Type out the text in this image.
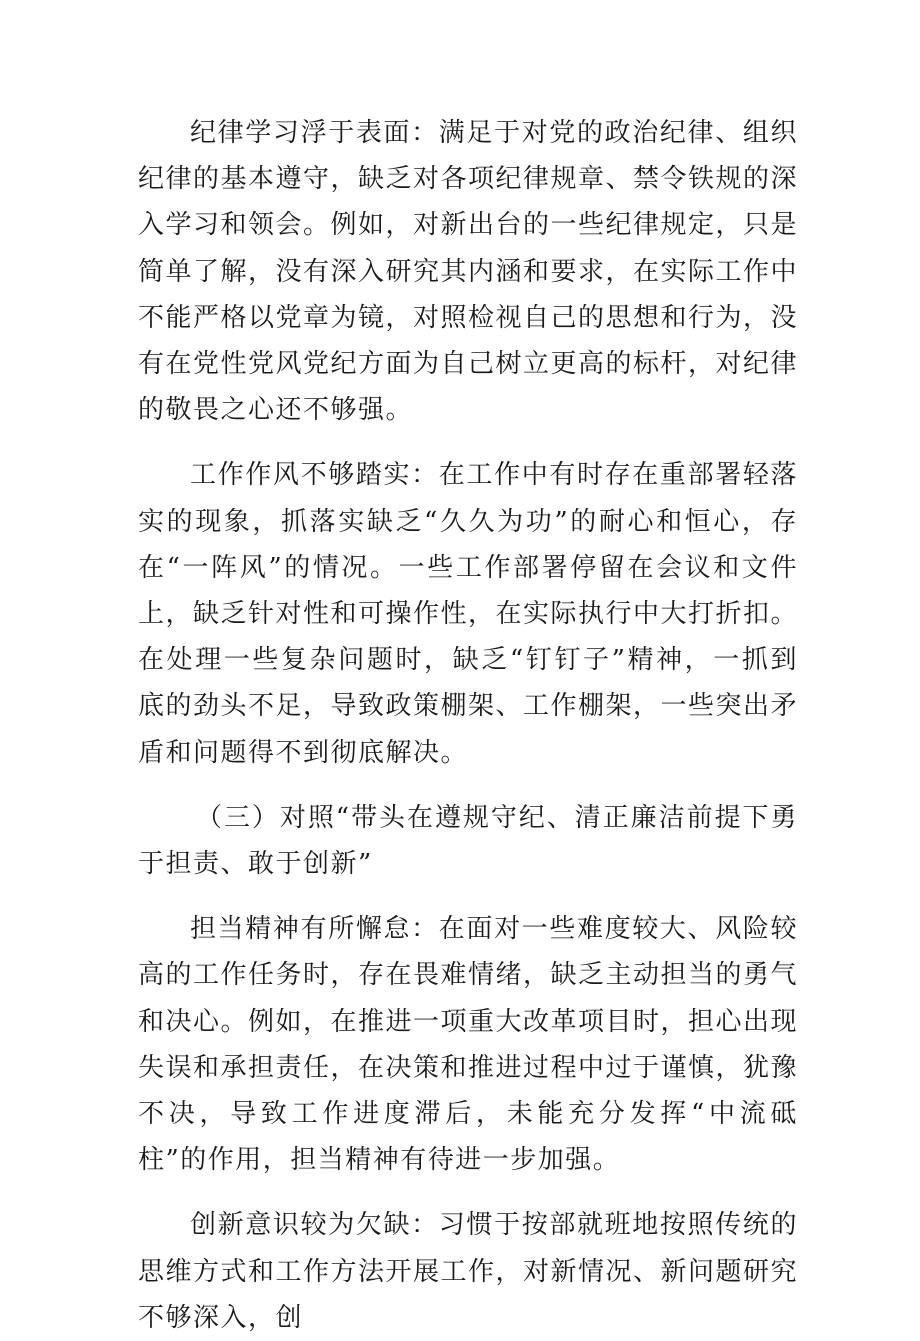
纪律学习浮于表面：满足于对党的政治纪律、组织纪律的基本遵守，缺乏对各项纪律规章、禁令铁规的深入学习和领会。例如，对新出台的一些纪律规定，只是简单了解，没有深入研究其内涵和要求，在实际工作中不能严格以党章为镜，对照检视自己的思想和行为，没有在党性党风党纪方面为自己树立更高的标杆，对纪律的敬畏之心还不够强。

工作作风不够踏实：在工作中有时存在重部署轻落实的现象，抓落实缺乏“久久为功”的耐心和恒心，存在“一阵风”的情况。一些工作部署停留在会议和文件上，缺乏针对性和可操作性，在实际执行中大打折扣。在处理一些复杂问题时，缺乏“钉钉子”精神，一抓到底的劲头不足，导致政策棚架、工作棚架，一些突出矛盾和问题得不到彻底解决。

（三）对照“带头在遵规守纪、清正廉洁前提下勇于担责、敢于创新”

担当精神有所懈怠：在面对一些难度较大、风险较高的工作任务时，存在畏难情绪，缺乏主动担当的勇气和决心。例如，在推进一项重大改革项目时，担心出现失误和承担责任，在决策和推进过程中过于谨慎，犹豫不决，导致工作进度滞后，未能充分发挥“中流砥柱”的作用，担当精神有待进一步加强。

创新意识较为欠缺：习惯于按部就班地按照传统的思维方式和工作方法开展工作，对新情况、新问题研究不够深入，创
